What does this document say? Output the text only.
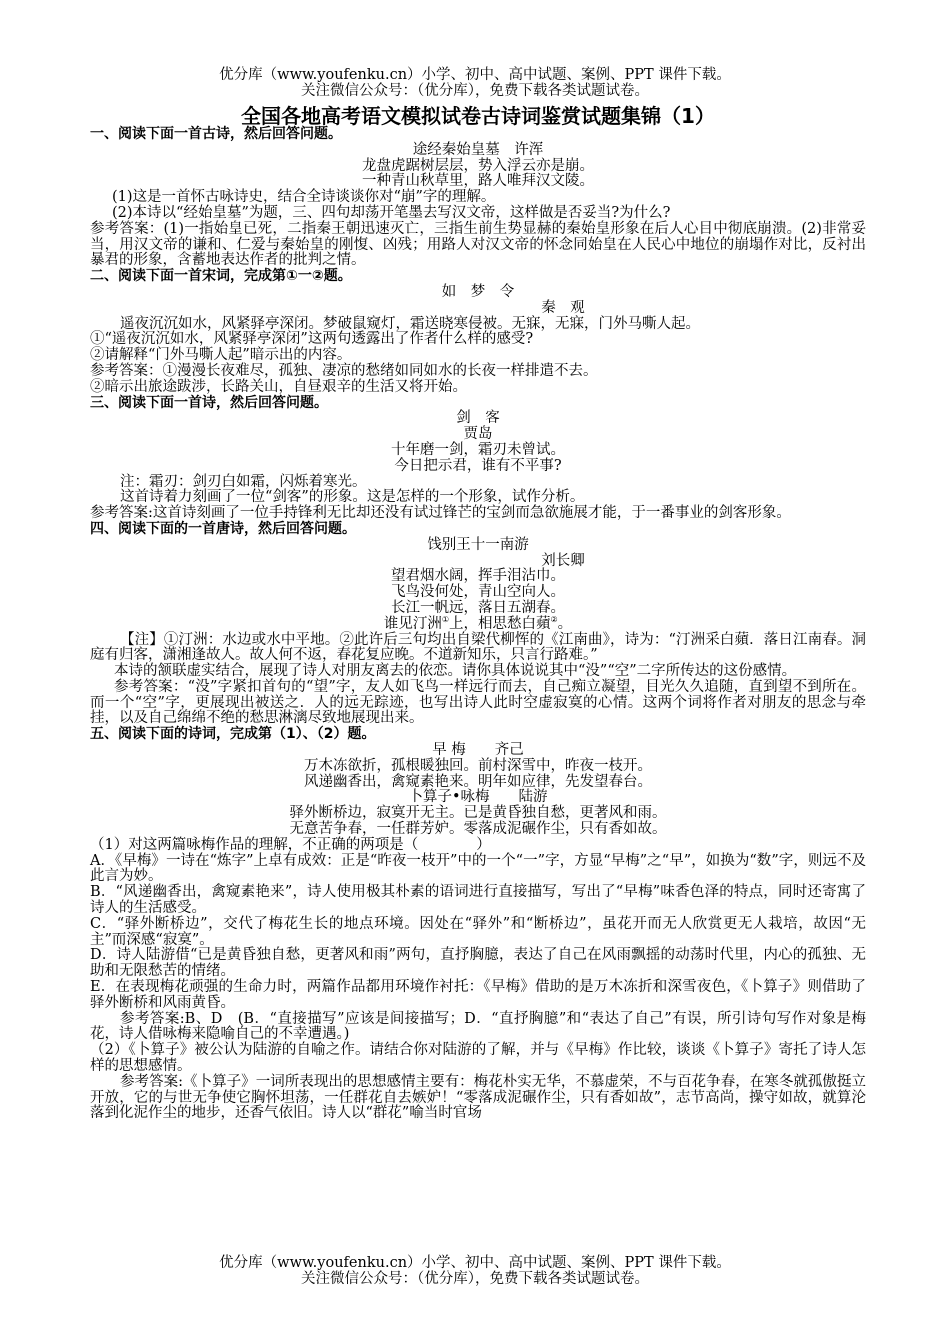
优分库（www.youfenku.cn）小学、初中、高中试题、案例、PPT 课件下载。
关注微信公众号：（优分库），免费下载各类试题试卷。
全国各地高考语文模拟试卷古诗词鉴赏试题集锦（1）
一、阅读下面一首古诗，然后回答问题。
途经秦始皇墓　许浑
龙盘虎踞树层层，势入浮云亦是崩。
一种青山秋草里，路人唯拜汉文陵。
(1)这是一首怀古咏诗史，结合全诗谈谈你对“崩”字的理解。
(2)本诗以“经始皇墓”为题，三、四句却荡开笔墨去写汉文帝，这样做是否妥当?为什么?
参考答案：(1)一指始皇已死，二指秦王朝迅速灭亡，三指生前生势显赫的秦始皇形象在后人心目中彻底崩溃。(2)非常妥当，用汉文帝的谦和、仁爱与秦始皇的刚愎、凶残；用路人对汉文帝的怀念同始皇在人民心中地位的崩塌作对比，反衬出暴君的形象，含蓄地表达作者的批判之情。
二、阅读下面一首宋词，完成第①一②题。
如　梦　令
秦　观
遥夜沉沉如水，风紧驿亭深闭。梦破鼠窥灯，霜送晓寒侵被。无寐，无寐，门外马嘶人起。
①“遥夜沉沉如水，风紧驿亭深闭”这两句透露出了作者什么样的感受?
②请解释“门外马嘶人起”暗示出的内容。
参考答案：①漫漫长夜难尽，孤独、凄凉的愁绪如同如水的长夜一样排遣不去。
②暗示出旅途跋涉，长路关山，自昼艰辛的生活又将开始。
三、阅读下面一首诗，然后回答问题。
剑　客
贾岛
十年磨一剑，霜刃未曾试。
今日把示君，谁有不平事?
注：霜刃：剑刃白如霜，闪烁着寒光。
这首诗着力刻画了一位“剑客”的形象。这是怎样的一个形象，试作分析。
参考答案:这首诗刻画了一位手持锋利无比却还没有试过锋芒的宝剑而急欲施展才能，于一番事业的剑客形象。
四、阅读下面的一首唐诗，然后回答问题。
饯别王十一南游
刘长卿
望君烟水阔，挥手泪沾巾。
飞鸟没何处，青山空向人。
长江一帆远，落日五湖春。
谁见汀洲①上，相思愁白蘋②。
【注】①汀洲：水边或水中平地。②此许后三句均出自梁代柳恽的《江南曲》，诗为：“汀洲采白蘋．落日江南春。洞庭有归客，潇湘逢故人。故人何不返，春花复应晚。不道新知乐，只言行路难。”
本诗的颔联虚实结合，展现了诗人对朋友离去的依恋。请你具体说说其中“没”“空”二字所传达的这份感情。
参考答案：“没”字紧扣首句的“望”字，友人如飞鸟一样远行而去，自己痴立凝望，目光久久追随，直到望不到所在。而一个“空”字，更展现出被送之．人的远无踪迹，也写出诗人此时空虚寂寞的心情。这两个词将作者对朋友的思念与牵挂，以及自己绵绵不绝的愁思淋漓尽致地展现出来。
五、阅读下面的诗词，完成第（1）、（2）题。
早 梅　　齐己
万木冻欲折，孤根暖独回。前村深雪中，昨夜一枝开。
风递幽香出，禽窥素艳来。明年如应律，先发望春台。
卜算子•咏梅　　陆游
驿外断桥边，寂寞开无主。已是黄昏独自愁，更著风和雨。
无意苦争春，一任群芳妒。零落成泥碾作尘，只有香如故。
（1）对这两篇咏梅作品的理解，不正确的两项是（　　　　）
A．《早梅》一诗在“炼字”上卓有成效：正是“昨夜一枝开”中的一个“一”字，方显“早梅”之“早”，如换为“数”字，则远不及此言为妙。
B．“风递幽香出，禽窥素艳来”，诗人使用极其朴素的语词进行直接描写，写出了“早梅”味香色泽的特点，同时还寄寓了诗人的生活感受。
C．“驿外断桥边”，交代了梅花生长的地点环境。因处在“驿外”和“断桥边”，虽花开而无人欣赏更无人栽培，故因“无主”而深感“寂寞”。
D．诗人陆游借“已是黄昏独自愁，更著风和雨”两句，直抒胸臆，表达了自己在风雨飘摇的动荡时代里，内心的孤独、无助和无限愁苦的情绪。
E．在表现梅花顽强的生命力时，两篇作品都用环境作衬托：《早梅》借助的是万木冻折和深雪夜色，《卜算子》则借助了驿外断桥和风雨黄昏。
参考答案:B、D　(B．“直接描写”应该是间接描写；D．“直抒胸臆”和“表达了自己”有误，所引诗句写作对象是梅花，诗人借咏梅来隐喻自己的不幸遭遇。)
（2）《卜算子》被公认为陆游的自喻之作。请结合你对陆游的了解，并与《早梅》作比较，谈谈《卜算子》寄托了诗人怎样的思想感情。
参考答案:《卜算子》一词所表现出的思想感情主要有：梅花朴实无华，不慕虚荣，不与百花争春，在寒冬就孤傲挺立开放，它的与世无争使它胸怀坦荡，一任群花自去嫉妒！“零落成泥碾作尘，只有香如故”，志节高尚，操守如故，就算沦落到化泥作尘的地步，还香气依旧。诗人以“群花”喻当时官场
优分库（www.youfenku.cn）小学、初中、高中试题、案例、PPT 课件下载。
关注微信公众号：（优分库），免费下载各类试题试卷。
